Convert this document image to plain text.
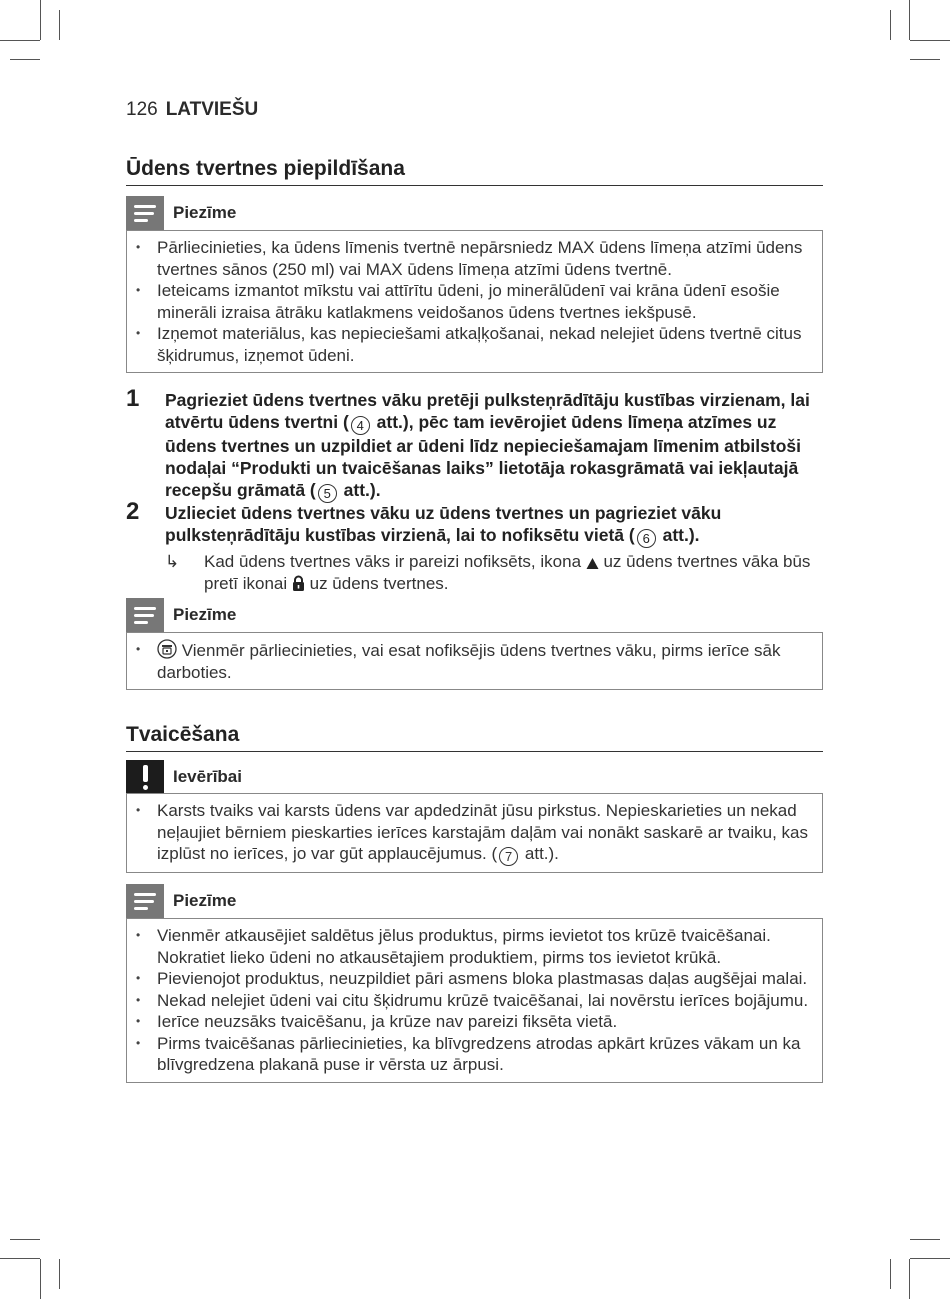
126 LATVIEŠU
Ūdens tvertnes piepildīšana
Piezīme
• Pārliecinieties, ka ūdens līmenis tvertnē nepārsniedz MAX ūdens līmeņa atzīmi ūdens tvertnes sānos (250 ml) vai MAX ūdens līmeņa atzīmi ūdens tvertnē.
• Ieteicams izmantot mīkstu vai attīrītu ūdeni, jo minerālūdenī vai krāna ūdenī esošie minerāli izraisa ātrāku katlakmens veidošanos ūdens tvertnes iekšpusē.
• Izņemot materiālus, kas nepieciešami atkaļķošanai, nekad nelejiet ūdens tvertnē citus šķidrumus, izņemot ūdeni.
1 Pagrieziet ūdens tvertnes vāku pretēji pulksteņrādītāju kustības virzienam, lai atvērtu ūdens tvertni ( 4 att.), pēc tam ievērojiet ūdens līmeņa atzīmes uz ūdens tvertnes un uzpildiet ar ūdeni līdz nepieciešamajam līmenim atbilstoši nodaļai “Produkti un tvaicēšanas laiks” lietotāja rokasgrāmatā vai iekļautajā recepšu grāmatā ( 5 att.).
2 Uzlieciet ūdens tvertnes vāku uz ūdens tvertnes un pagrieziet vāku pulksteņrādītāju kustības virzienā, lai to nofiksētu vietā ( 6 att.).
↳ Kad ūdens tvertnes vāks ir pareizi nofiksēts, ikona  uz ūdens tvertnes vāka būs pretī ikonai  uz ūdens tvertnes.
Piezīme
• Vienmēr pārliecinieties, vai esat nofiksējis ūdens tvertnes vāku, pirms ierīce sāk darboties.
Tvaicēšana
Ievērībai
• Karsts tvaiks vai karsts ūdens var apdedzināt jūsu pirkstus. Nepieskarieties un nekad neļaujiet bērniem pieskarties ierīces karstajām daļām vai nonākt saskarē ar tvaiku, kas izplūst no ierīces, jo var gūt applaucējumus. ( 7 att.).
Piezīme
• Vienmēr atkausējiet saldētus jēlus produktus, pirms ievietot tos krūzē tvaicēšanai. Nokratiet lieko ūdeni no atkausētajiem produktiem, pirms tos ievietot krūkā.
• Pievienojot produktus, neuzpildiet pāri asmens bloka plastmasas daļas augšējai malai.
• Nekad nelejiet ūdeni vai citu šķidrumu krūzē tvaicēšanai, lai novērstu ierīces bojājumu.
• Ierīce neuzsāks tvaicēšanu, ja krūze nav pareizi fiksēta vietā.
• Pirms tvaicēšanas pārliecinieties, ka blīvgredzens atrodas apkārt krūzes vākam un ka blīvgredzena plakanā puse ir vērsta uz ārpusi.
